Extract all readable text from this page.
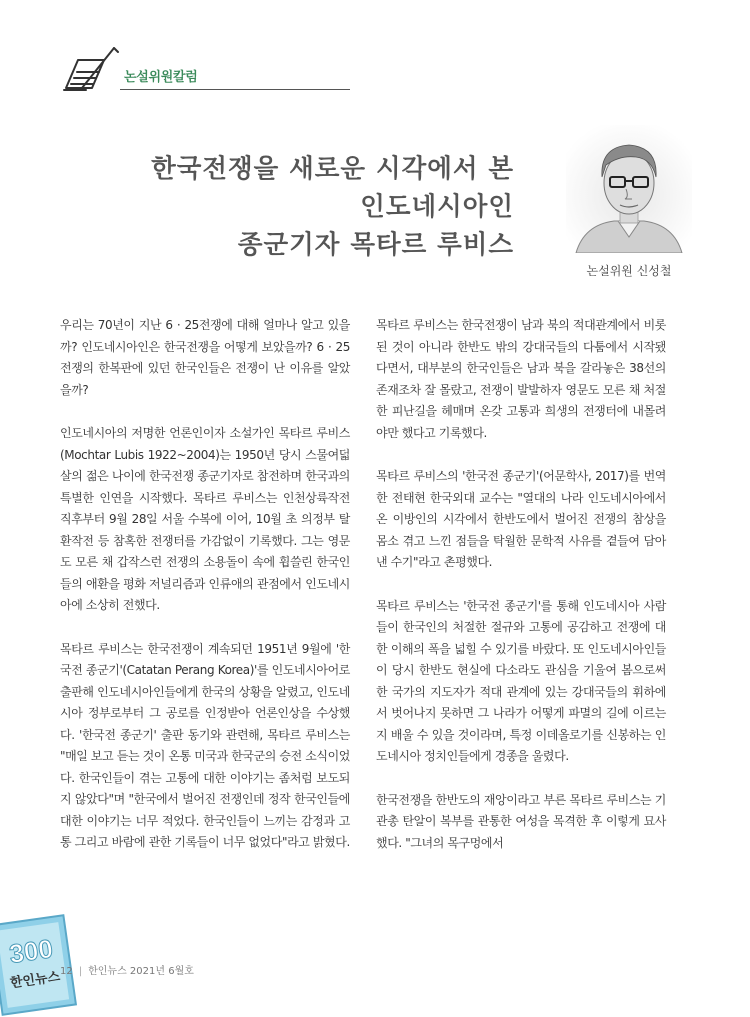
논설위원칼럼
한국전쟁을 새로운 시각에서 본
인도네시아인
종군기자 목타르 루비스
논설위원 신성철

우리는 70년이 지난 6 · 25전쟁에 대해 얼마나 알고 있을까? 인도네시아인은 한국전쟁을 어떻게 보았을까? 6 · 25전쟁의 한복판에 있던 한국인들은 전쟁이 난 이유를 알았을까?

인도네시아의 저명한 언론인이자 소설가인 목타르 루비스(Mochtar Lubis 1922~2004)는 1950년 당시 스물여덟 살의 젊은 나이에 한국전쟁 종군기자로 참전하며 한국과의 특별한 인연을 시작했다. 목타르 루비스는 인천상륙작전 직후부터 9월 28일 서울 수복에 이어, 10월 초 의정부 탈환작전 등 참혹한 전쟁터를 가감없이 기록했다. 그는 영문도 모른 채 갑작스런 전쟁의 소용돌이 속에 휩쓸린 한국인들의 애환을 평화 저널리즘과 인류애의 관점에서 인도네시아에 소상히 전했다.

목타르 루비스는 한국전쟁이 계속되던 1951년 9월에 '한국전 종군기'(Catatan Perang Korea)'를 인도네시아어로 출판해 인도네시아인들에게 한국의 상황을 알렸고, 인도네시아 정부로부터 그 공로를 인정받아 언론인상을 수상했다. '한국전 종군기' 출판 동기와 관련해, 목타르 루비스는 "매일 보고 듣는 것이 온통 미국과 한국군의 승전 소식이었다. 한국인들이 겪는 고통에 대한 이야기는 좀처럼 보도되지 않았다"며 "한국에서 벌어진 전쟁인데 정작 한국인들에 대한 이야기는 너무 적었다. 한국인들이 느끼는 감정과 고통 그리고 바람에 관한 기록들이 너무 없었다"라고 밝혔다.

목타르 루비스는 한국전쟁이 남과 북의 적대관계에서 비롯된 것이 아니라 한반도 밖의 강대국들의 다툼에서 시작됐다면서, 대부분의 한국인들은 남과 북을 갈라놓은 38선의 존재조차 잘 몰랐고, 전쟁이 발발하자 영문도 모른 채 처절한 피난길을 헤매며 온갖 고통과 희생의 전쟁터에 내몰려야만 했다고 기록했다.

목타르 루비스의 '한국전 종군기'(어문학사, 2017)를 번역한 전태현 한국외대 교수는 "열대의 나라 인도네시아에서 온 이방인의 시각에서 한반도에서 벌어진 전쟁의 참상을 몸소 겪고 느낀 점들을 탁월한 문학적 사유를 곁들여 담아낸 수기"라고 촌평했다.

목타르 루비스는 '한국전 종군기'를 통해 인도네시아 사람들이 한국인의 처절한 절규와 고통에 공감하고 전쟁에 대한 이해의 폭을 넓힐 수 있기를 바랐다. 또 인도네시아인들이 당시 한반도 현실에 다소라도 관심을 기울여 봄으로써 한 국가의 지도자가 적대 관계에 있는 강대국들의 휘하에서 벗어나지 못하면 그 나라가 어떻게 파멸의 길에 이르는지 배울 수 있을 것이라며, 특정 이데올로기를 신봉하는 인도네시아 정치인들에게 경종을 울렸다.

한국전쟁을 한반도의 재앙이라고 부른 목타르 루비스는 기관총 탄알이 복부를 관통한 여성을 목격한 후 이렇게 묘사했다. "그녀의 목구멍에서

300
한인뉴스
12 | 한인뉴스 2021년 6월호
